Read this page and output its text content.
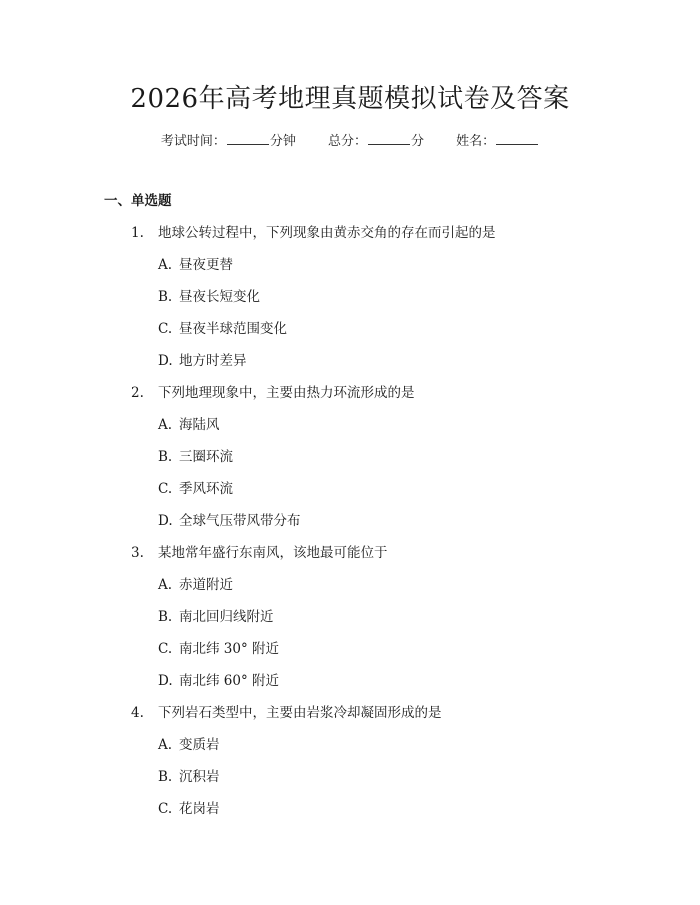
2026年高考地理真题模拟试卷及答案
考试时间：	分钟 总分：	分 姓名：
一、单选题
1. 地球公转过程中，下列现象由黄赤交角的存在而引起的是
A. 昼夜更替
B. 昼夜长短变化
C. 昼夜半球范围变化
D. 地方时差异
2. 下列地理现象中，主要由热力环流形成的是
A. 海陆风
B. 三圈环流
C. 季风环流
D. 全球气压带风带分布
3. 某地常年盛行东南风，该地最可能位于
A. 赤道附近
B. 南北回归线附近
C. 南北纬 30° 附近
D. 南北纬 60° 附近
4. 下列岩石类型中，主要由岩浆冷却凝固形成的是
A. 变质岩
B. 沉积岩
C. 花岗岩
